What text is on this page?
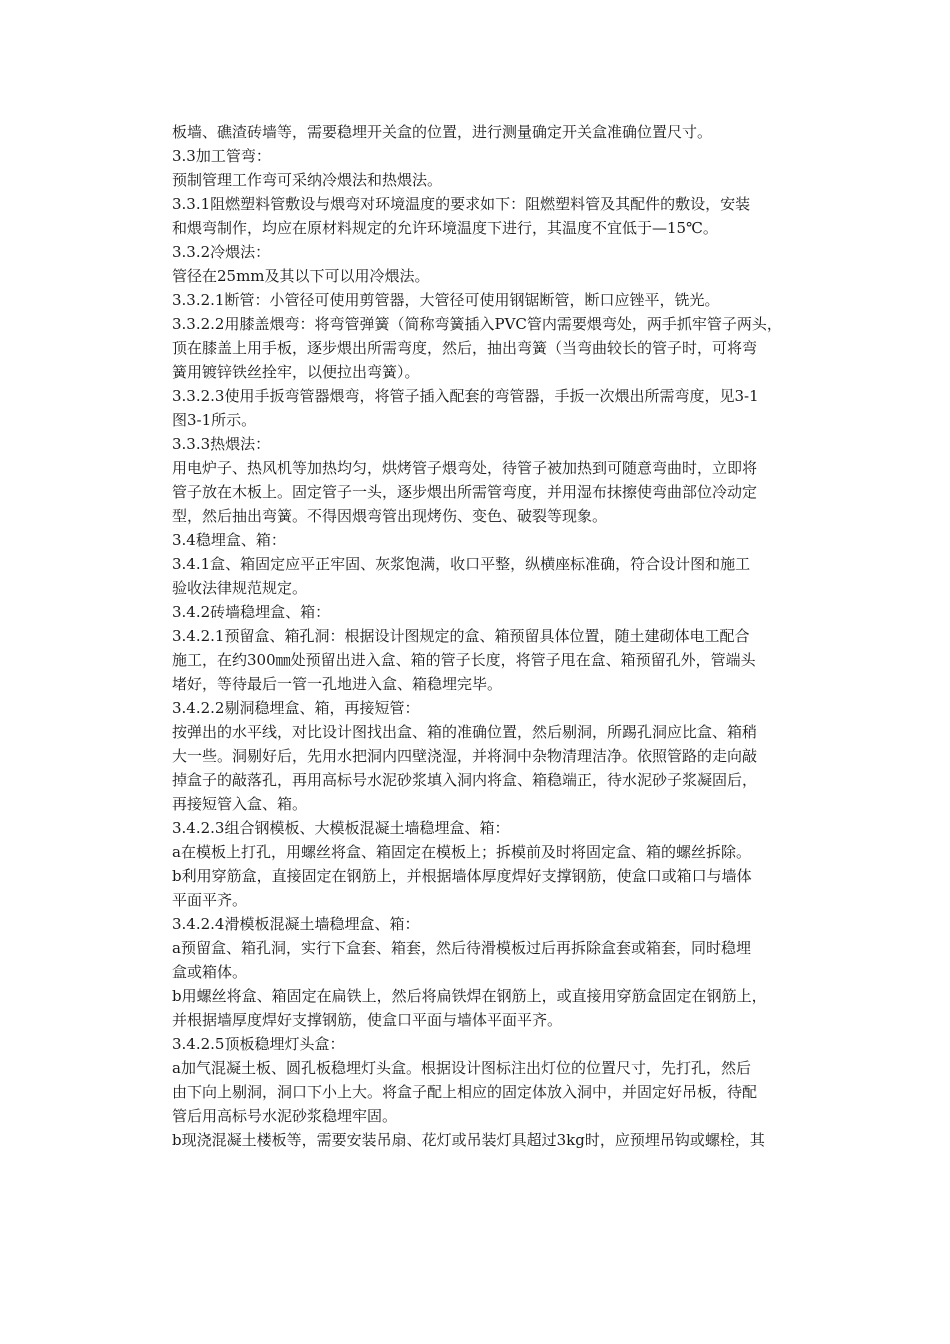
板墙、礁渣砖墙等，需要稳埋开关盒的位置，进行测量确定开关盒准确位置尺寸。
3.3加工管弯：
预制管理工作弯可采纳冷煨法和热煨法。
3.3.1阻燃塑料管敷设与煨弯对环境温度的要求如下：阻燃塑料管及其配件的敷设，安装
和煨弯制作，均应在原材料规定的允许环境温度下进行，其温度不宜低于—15℃。
3.3.2冷煨法：
管径在25mm及其以下可以用冷煨法。
3.3.2.1断管：小管径可使用剪管器，大管径可使用钢锯断管，断口应锉平，铣光。
3.3.2.2用膝盖煨弯：将弯管弹簧（简称弯簧插入PVC管内需要煨弯处，两手抓牢管子两头，
顶在膝盖上用手板，逐步煨出所需弯度，然后，抽出弯簧（当弯曲较长的管子时，可将弯
簧用镀锌铁丝拴牢，以便拉出弯簧）。
3.3.2.3使用手扳弯管器煨弯，将管子插入配套的弯管器，手扳一次煨出所需弯度，见3-1
图3-1所示。
3.3.3热煨法：
用电炉子、热风机等加热均匀，烘烤管子煨弯处，待管子被加热到可随意弯曲时，立即将
管子放在木板上。固定管子一头，逐步煨出所需管弯度，并用湿布抹擦使弯曲部位冷动定
型，然后抽出弯簧。不得因煨弯管出现烤伤、变色、破裂等现象。
3.4稳埋盒、箱：
3.4.1盒、箱固定应平正牢固、灰浆饱满，收口平整，纵横座标准确，符合设计图和施工
验收法律规范规定。
3.4.2砖墙稳埋盒、箱：
3.4.2.1预留盒、箱孔洞：根据设计图规定的盒、箱预留具体位置，随土建砌体电工配合
施工，在约300㎜处预留出进入盒、箱的管子长度，将管子甩在盒、箱预留孔外，管端头
堵好，等待最后一管一孔地进入盒、箱稳埋完毕。
3.4.2.2剔洞稳埋盒、箱，再接短管：
按弹出的水平线，对比设计图找出盒、箱的准确位置，然后剔洞，所踢孔洞应比盒、箱稍
大一些。洞剔好后，先用水把洞内四壁浇湿，并将洞中杂物清理洁净。依照管路的走向敲
掉盒子的敲落孔，再用高标号水泥砂浆填入洞内将盒、箱稳端正，待水泥砂子浆凝固后，
再接短管入盒、箱。
3.4.2.3组合钢模板、大模板混凝土墙稳埋盒、箱：
a在模板上打孔，用螺丝将盒、箱固定在模板上；拆模前及时将固定盒、箱的螺丝拆除。
b利用穿筋盒，直接固定在钢筋上，并根据墙体厚度焊好支撑钢筋，使盒口或箱口与墙体
平面平齐。
3.4.2.4滑模板混凝土墙稳埋盒、箱：
a预留盒、箱孔洞，实行下盒套、箱套，然后待滑模板过后再拆除盒套或箱套，同时稳埋
盒或箱体。
b用螺丝将盒、箱固定在扁铁上，然后将扁铁焊在钢筋上，或直接用穿筋盒固定在钢筋上，
并根据墙厚度焊好支撑钢筋，使盒口平面与墙体平面平齐。
3.4.2.5顶板稳埋灯头盒：
a加气混凝土板、圆孔板稳埋灯头盒。根据设计图标注出灯位的位置尺寸，先打孔，然后
由下向上剔洞，洞口下小上大。将盒子配上相应的固定体放入洞中，并固定好吊板，待配
管后用高标号水泥砂浆稳埋牢固。
b现浇混凝土楼板等，需要安装吊扇、花灯或吊装灯具超过3kg时，应预埋吊钩或螺栓，其
